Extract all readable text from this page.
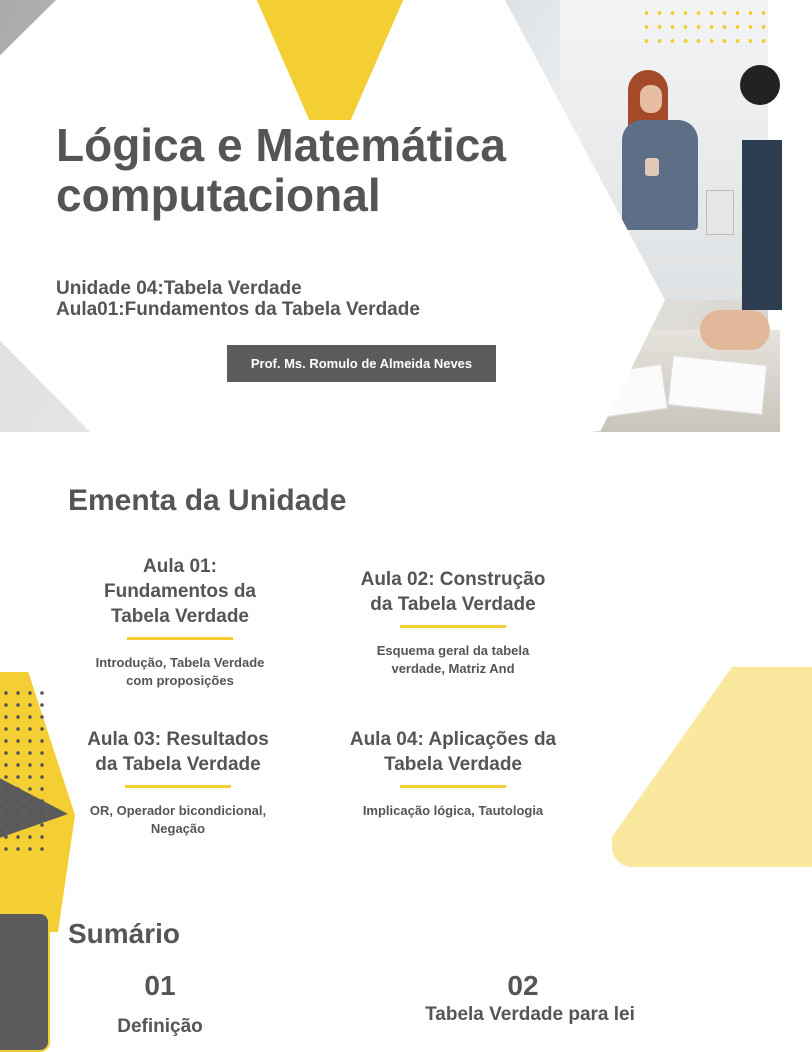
Lógica e Matemática computacional
Unidade 04:Tabela Verdade
Aula01:Fundamentos da Tabela Verdade
Prof. Ms. Romulo de Almeida Neves
Ementa da Unidade
Aula 01: Fundamentos da Tabela Verdade
Introdução, Tabela Verdade com proposições
Aula 02: Construção da Tabela Verdade
Esquema geral da tabela verdade, Matriz And
Aula 03: Resultados da Tabela Verdade
OR, Operador bicondicional, Negação
Aula 04: Aplicações da Tabela Verdade
Implicação lógica, Tautologia
Sumário
01
Definição
02
Tabela Verdade para lei
